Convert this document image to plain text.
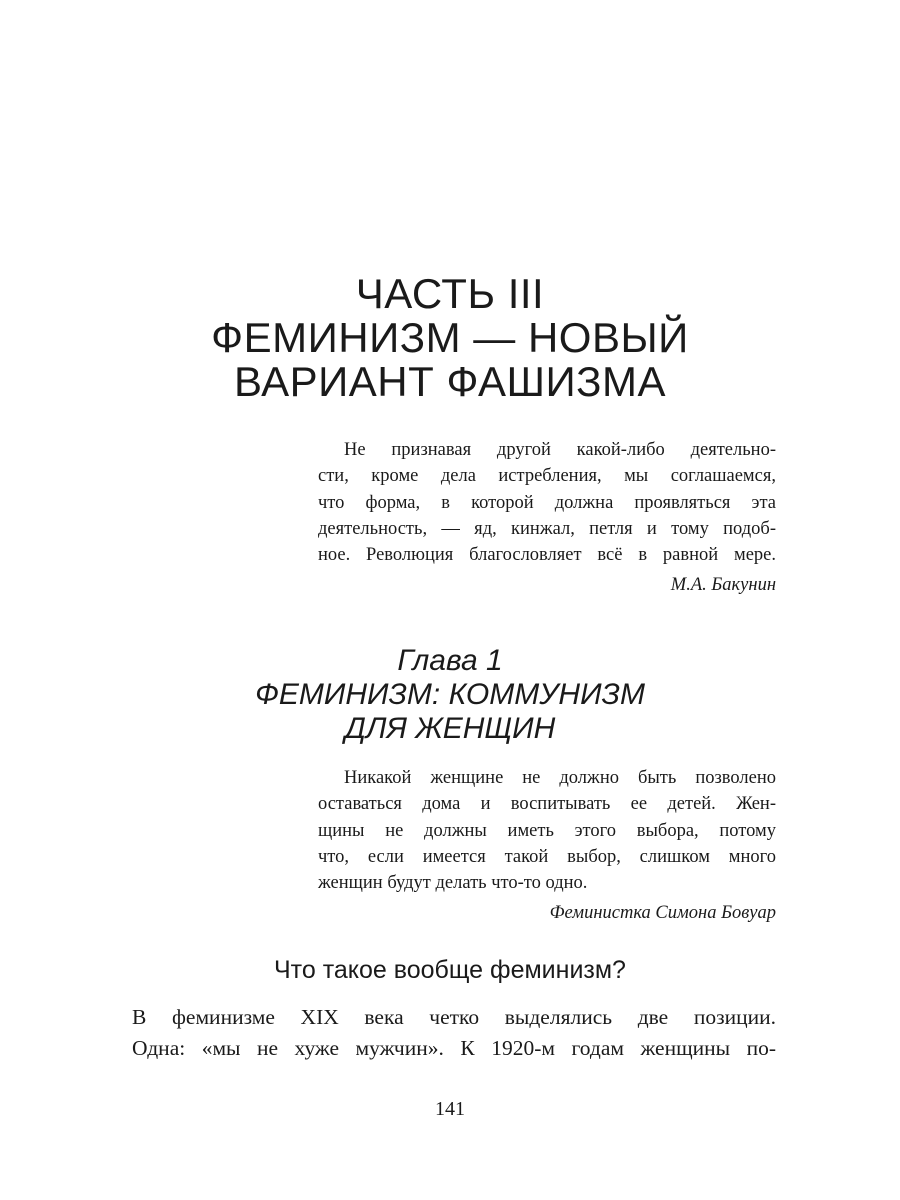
ЧАСТЬ III
ФЕМИНИЗМ — НОВЫЙ
ВАРИАНТ ФАШИЗМА
Не признавая другой какой-либо деятельно-
сти, кроме дела истребления, мы соглашаемся,
что форма, в которой должна проявляться эта
деятельность, — яд, кинжал, петля и тому подоб-
ное. Революция благословляет всё в равной мере.
М.А. Бакунин
Глава 1
ФЕМИНИЗМ: КОММУНИЗМ
ДЛЯ ЖЕНЩИН
Никакой женщине не должно быть позволено
оставаться дома и воспитывать ее детей. Жен-
щины не должны иметь этого выбора, потому
что, если имеется такой выбор, слишком много
женщин будут делать что-то одно.
Феминистка Симона Бовуар
Что такое вообще феминизм?
В феминизме XIX века четко выделялись две позиции.
Одна: «мы не хуже мужчин». К 1920-м годам женщины по-
141
